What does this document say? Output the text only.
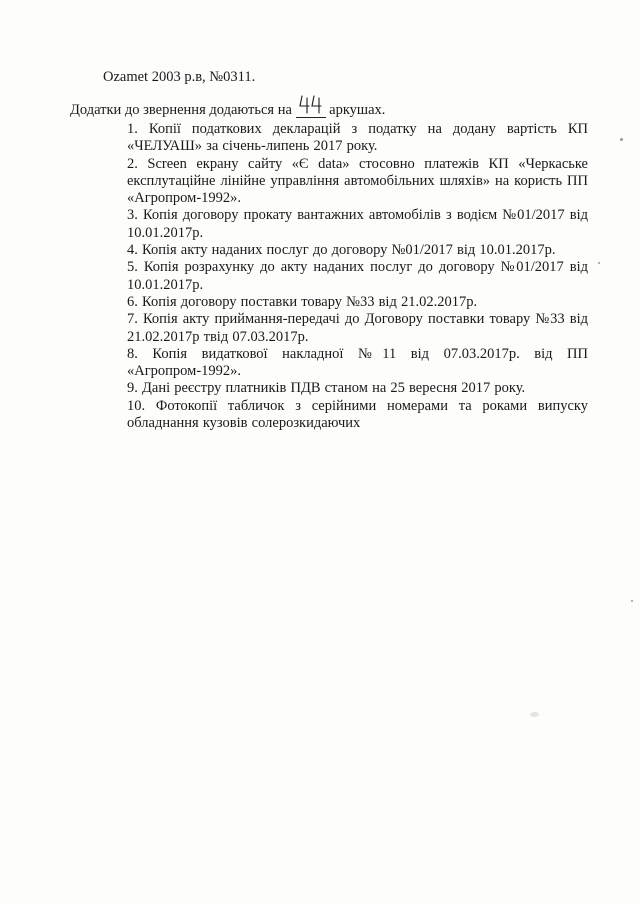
Ozamet 2003 р.в, №0311.
Додатки до звернення додаються на	аркушах.
1. Копії податкових декларацій з податку на додану вартість КП «ЧЕЛУАШ» за січень-липень 2017 року.
2. Screen екрану сайту «Є data» стосовно платежів КП «Черкаське експлутаційне лінійне управління автомобільних шляхів» на користь ПП «Агропром-1992».
3. Копія договору прокату вантажних автомобілів з водієм №01/2017 від 10.01.2017р.
4. Копія акту наданих послуг до договору №01/2017 від 10.01.2017р.
5. Копія розрахунку до акту наданих послуг до договору №01/2017 від 10.01.2017р.
6. Копія договору поставки товару №33 від 21.02.2017р.
7. Копія акту приймання-передачі до Договору поставки товару №33 від 21.02.2017р твід 07.03.2017р.
8. Копія видаткової накладної №11 від 07.03.2017р. від ПП «Агропром-1992».
9. Дані реєстру платників ПДВ станом на 25 вересня 2017 року.
10. Фотокопії табличок з серійними номерами та роками випуску обладнання кузовів солерозкидаючих
